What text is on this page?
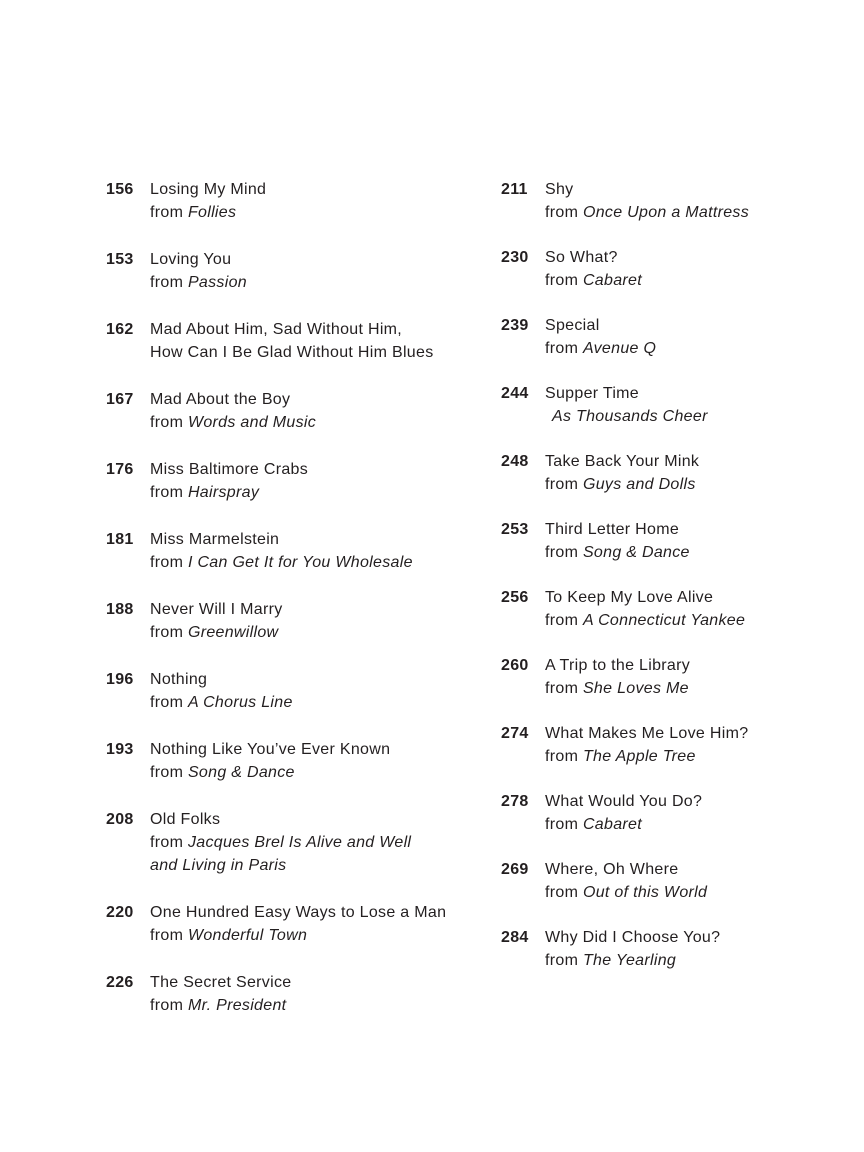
156	Losing My Mind
from Follies
153	Loving You
from Passion
162	Mad About Him, Sad Without Him,
How Can I Be Glad Without Him Blues
167	Mad About the Boy
from Words and Music
176	Miss Baltimore Crabs
from Hairspray
181	Miss Marmelstein
from I Can Get It for You Wholesale
188	Never Will I Marry
from Greenwillow
196	Nothing
from A Chorus Line
193	Nothing Like You’ve Ever Known
from Song & Dance
208	Old Folks
from Jacques Brel Is Alive and Well
and Living in Paris
220	One Hundred Easy Ways to Lose a Man
from Wonderful Town
226	The Secret Service
from Mr. President
211	Shy
from Once Upon a Mattress
230	So What?
from Cabaret
239	Special
from Avenue Q
244	Supper Time
As Thousands Cheer
248	Take Back Your Mink
from Guys and Dolls
253	Third Letter Home
from Song & Dance
256	To Keep My Love Alive
from A Connecticut Yankee
260	A Trip to the Library
from She Loves Me
274	What Makes Me Love Him?
from The Apple Tree
278	What Would You Do?
from Cabaret
269	Where, Oh Where
from Out of this World
284	Why Did I Choose You?
from The Yearling
